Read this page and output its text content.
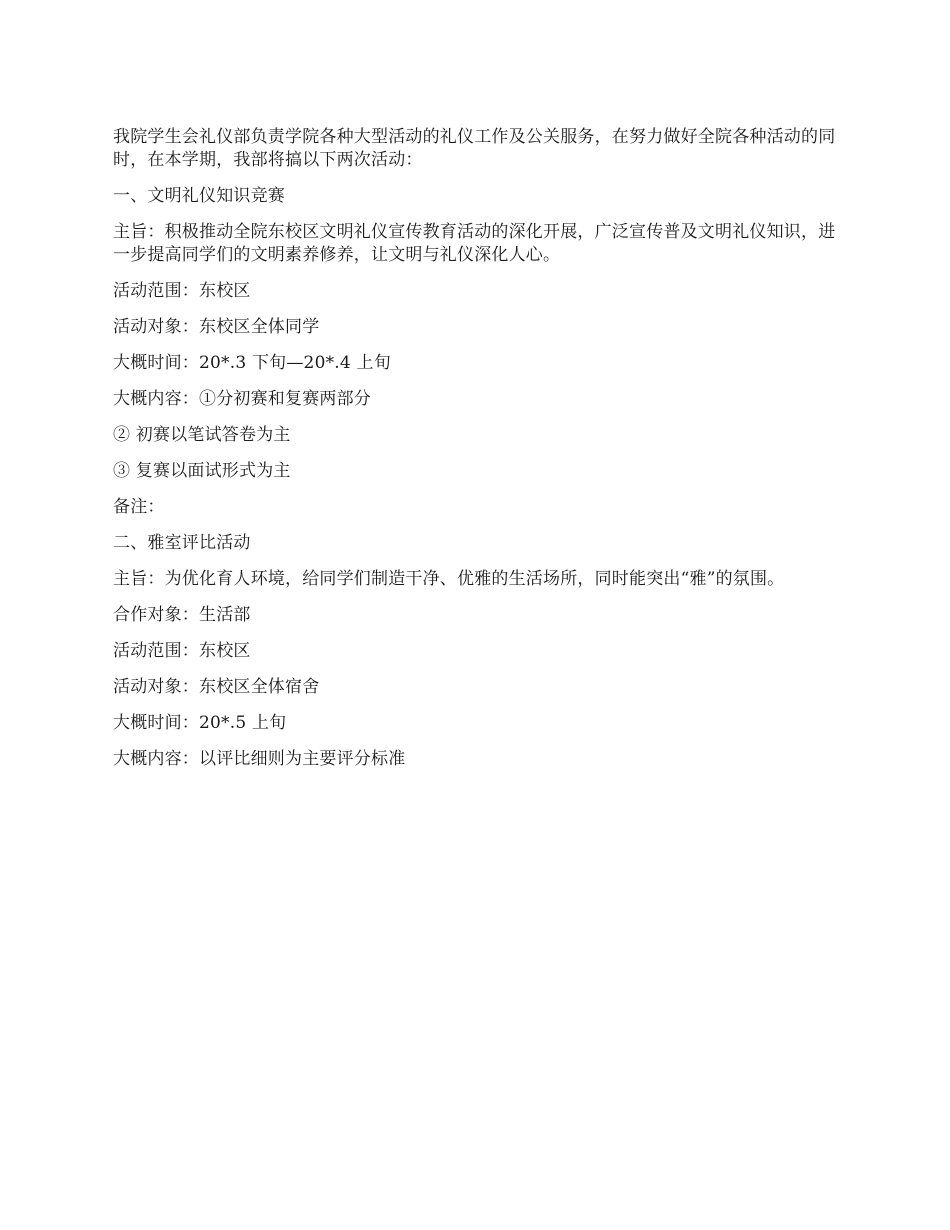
我院学生会礼仪部负责学院各种大型活动的礼仪工作及公关服务，在努力做好全院各种活动的同时，在本学期，我部将搞以下两次活动：

一、文明礼仪知识竞赛

主旨：积极推动全院东校区文明礼仪宣传教育活动的深化开展，广泛宣传普及文明礼仪知识，进一步提高同学们的文明素养修养，让文明与礼仪深化人心。

活动范围：东校区

活动对象：东校区全体同学

大概时间：20*.3 下旬—20*.4 上旬

大概内容：①分初赛和复赛两部分

② 初赛以笔试答卷为主

③ 复赛以面试形式为主

备注：

二、雅室评比活动

主旨：为优化育人环境，给同学们制造干净、优雅的生活场所，同时能突出“雅”的氛围。

合作对象：生活部

活动范围：东校区

活动对象：东校区全体宿舍

大概时间：20*.5 上旬

大概内容：以评比细则为主要评分标准
